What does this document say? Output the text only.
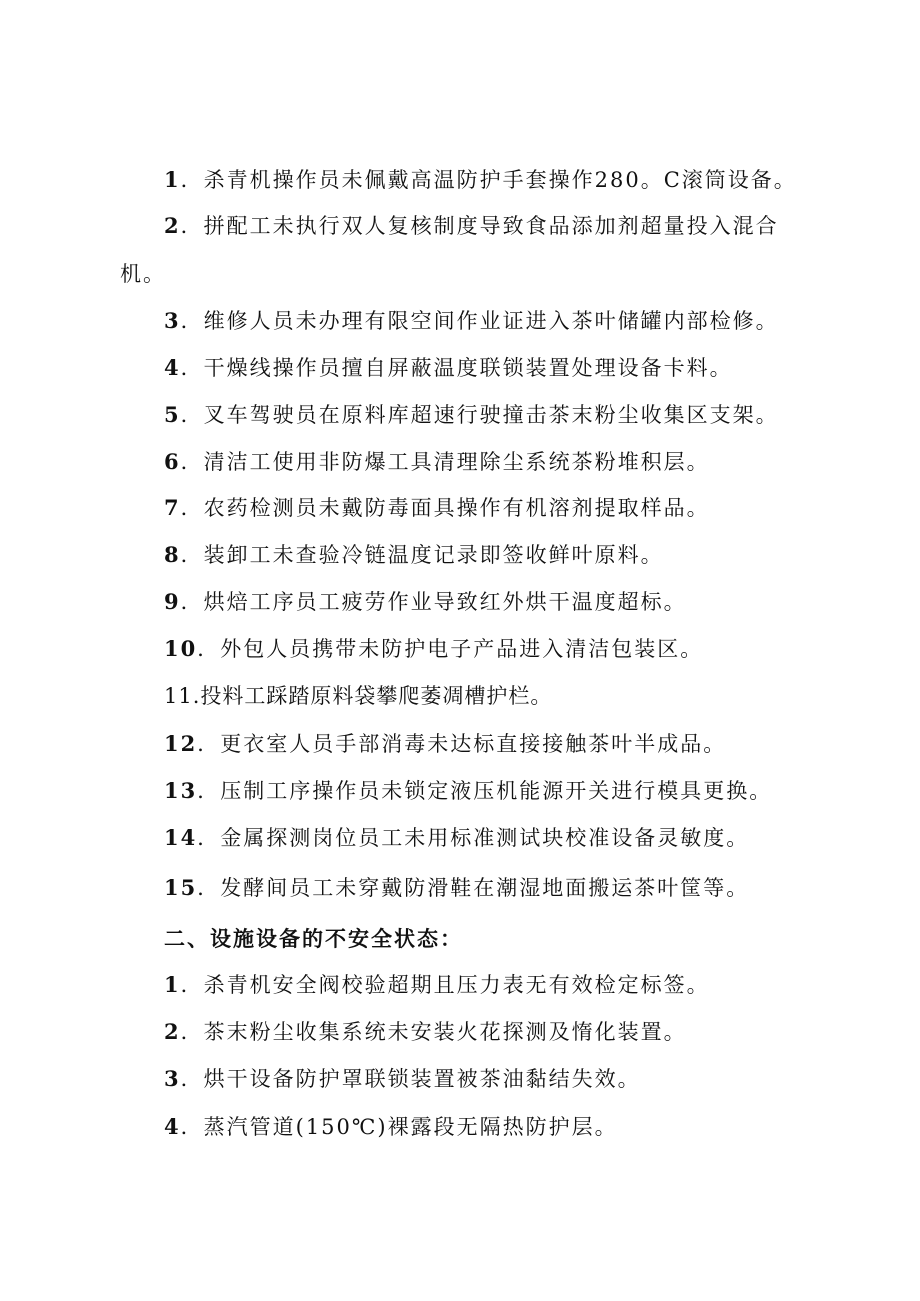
1．杀青机操作员未佩戴高温防护手套操作280。C滚筒设备。
2．拼配工未执行双人复核制度导致食品添加剂超量投入混合
机。
3．维修人员未办理有限空间作业证进入茶叶储罐内部检修。
4．干燥线操作员擅自屏蔽温度联锁装置处理设备卡料。
5．叉车驾驶员在原料库超速行驶撞击茶末粉尘收集区支架。
6．清洁工使用非防爆工具清理除尘系统茶粉堆积层。
7．农药检测员未戴防毒面具操作有机溶剂提取样品。
8．装卸工未查验冷链温度记录即签收鲜叶原料。
9．烘焙工序员工疲劳作业导致红外烘干温度超标。
10．外包人员携带未防护电子产品进入清洁包装区。
11.投料工踩踏原料袋攀爬萎凋槽护栏。
12．更衣室人员手部消毒未达标直接接触茶叶半成品。
13．压制工序操作员未锁定液压机能源开关进行模具更换。
14．金属探测岗位员工未用标准测试块校准设备灵敏度。
15．发酵间员工未穿戴防滑鞋在潮湿地面搬运茶叶筐等。
二、设施设备的不安全状态：
1．杀青机安全阀校验超期且压力表无有效检定标签。
2．茶末粉尘收集系统未安装火花探测及惰化装置。
3．烘干设备防护罩联锁装置被茶油黏结失效。
4．蒸汽管道(150℃)裸露段无隔热防护层。
